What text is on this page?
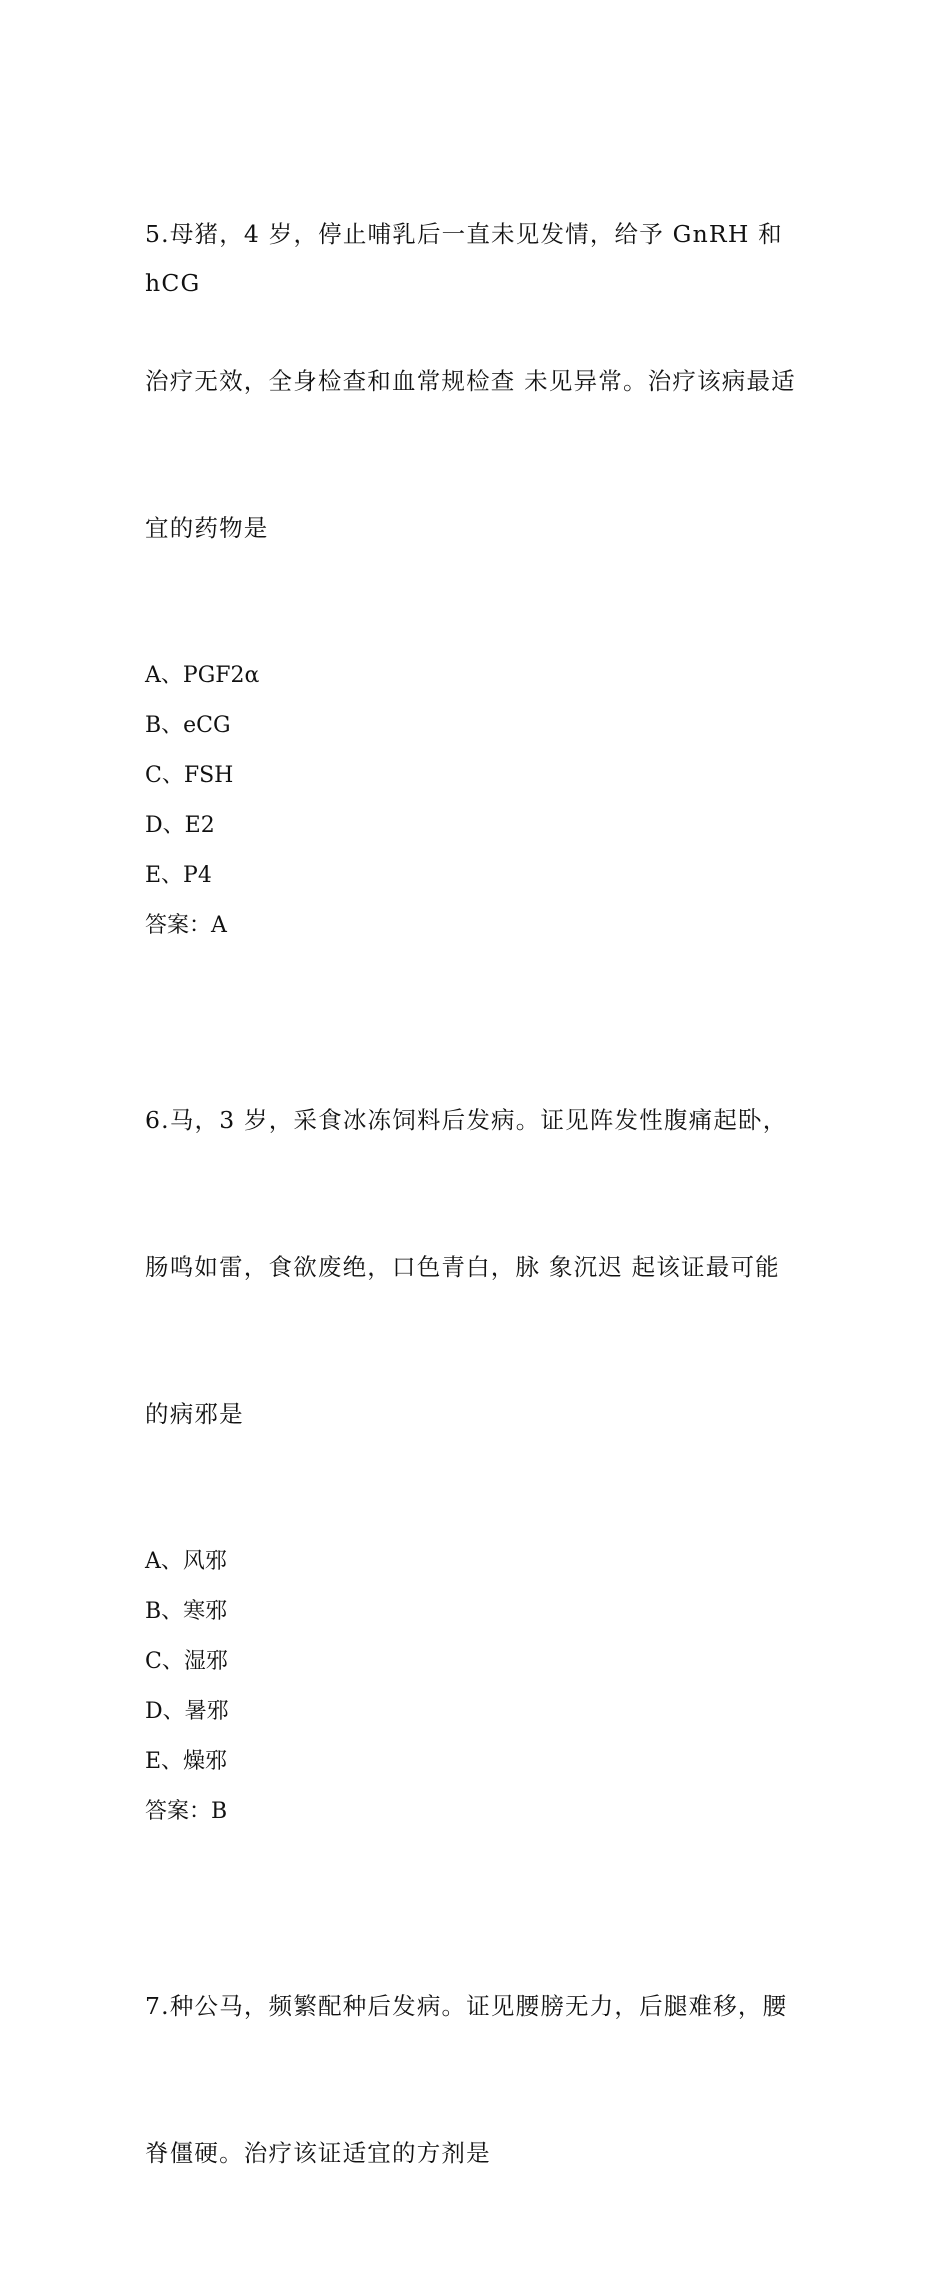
5.母猪，4 岁，停止哺乳后一直未见发情，给予 GnRH 和 hCG

治疗无效，全身检查和血常规检查 未见异常。治疗该病最适

宜的药物是

A、PGF2α
B、eCG
C、FSH
D、E2
E、P4

答案：A

6.马，3 岁，采食冰冻饲料后发病。证见阵发性腹痛起卧，

肠鸣如雷，食欲废绝，口色青白，脉 象沉迟 起该证最可能

的病邪是

A、风邪
B、寒邪
C、湿邪
D、暑邪
E、燥邪

答案：B

7.种公马，频繁配种后发病。证见腰膀无力，后腿难移，腰

脊僵硬。治疗该证适宜的方剂是
